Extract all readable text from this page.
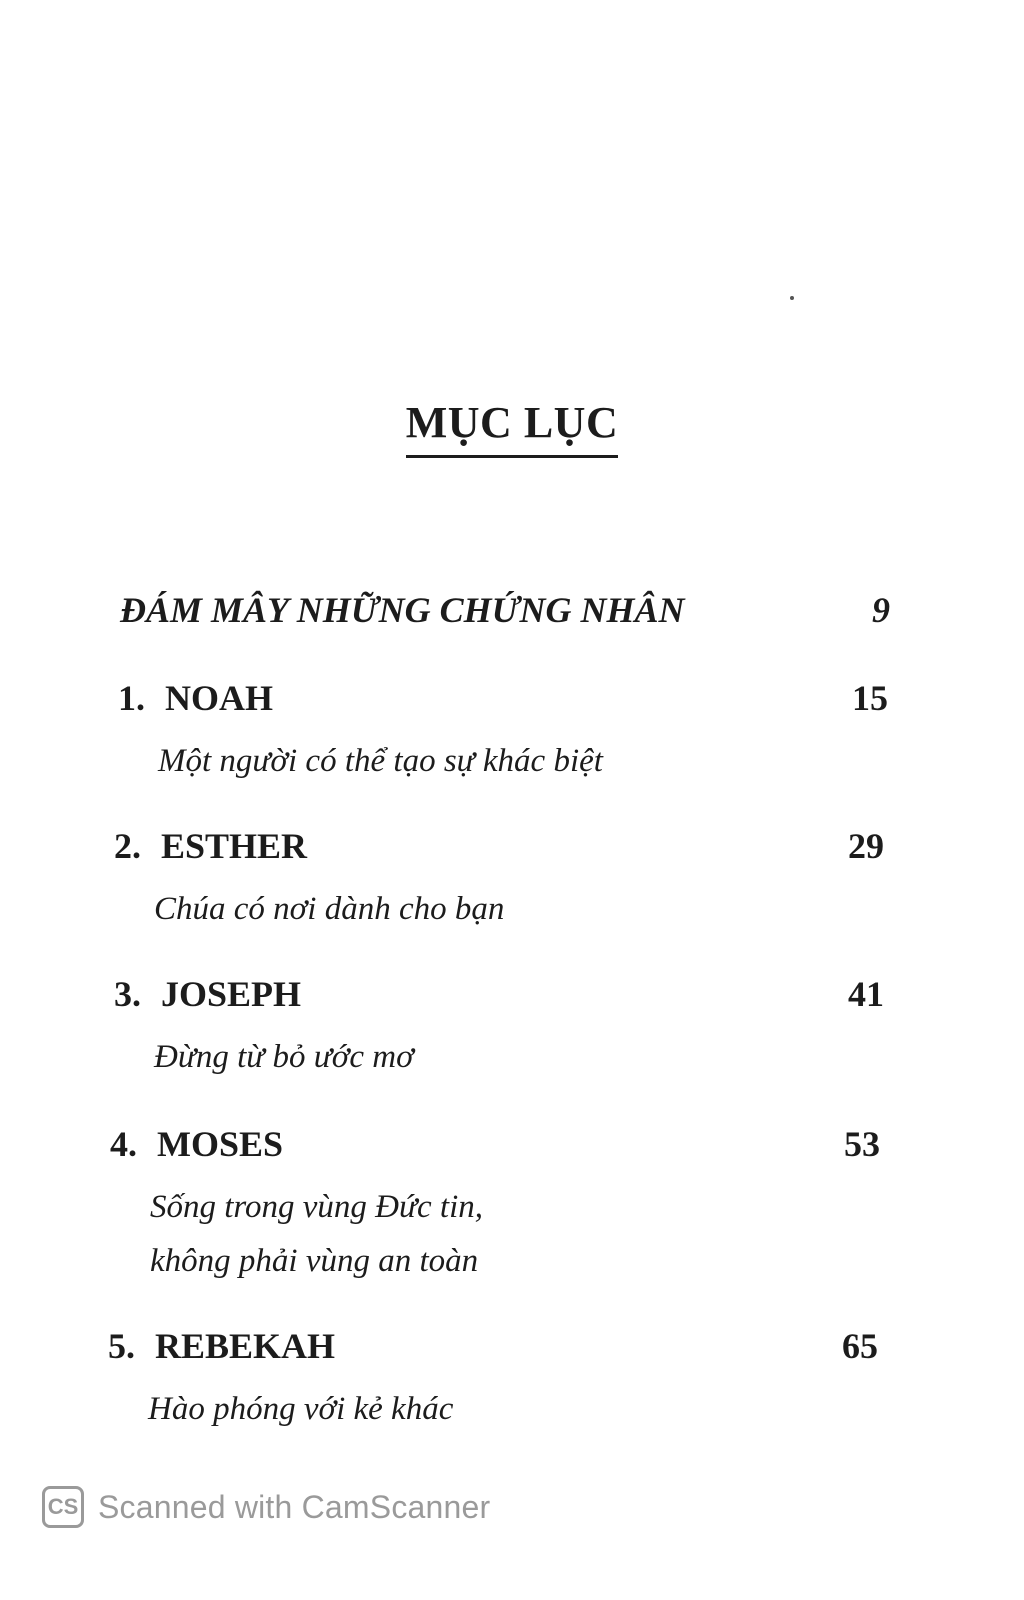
MỤC LỤC
ĐÁM MÂY NHỮNG CHỨNG NHÂN	9
1. NOAH	15
Một người có thể tạo sự khác biệt
2. ESTHER	29
Chúa có nơi dành cho bạn
3. JOSEPH	41
Đừng từ bỏ ước mơ
4. MOSES	53
Sống trong vùng Đức tin,
không phải vùng an toàn
5. REBEKAH	65
Hào phóng với kẻ khác
CS Scanned with CamScanner
